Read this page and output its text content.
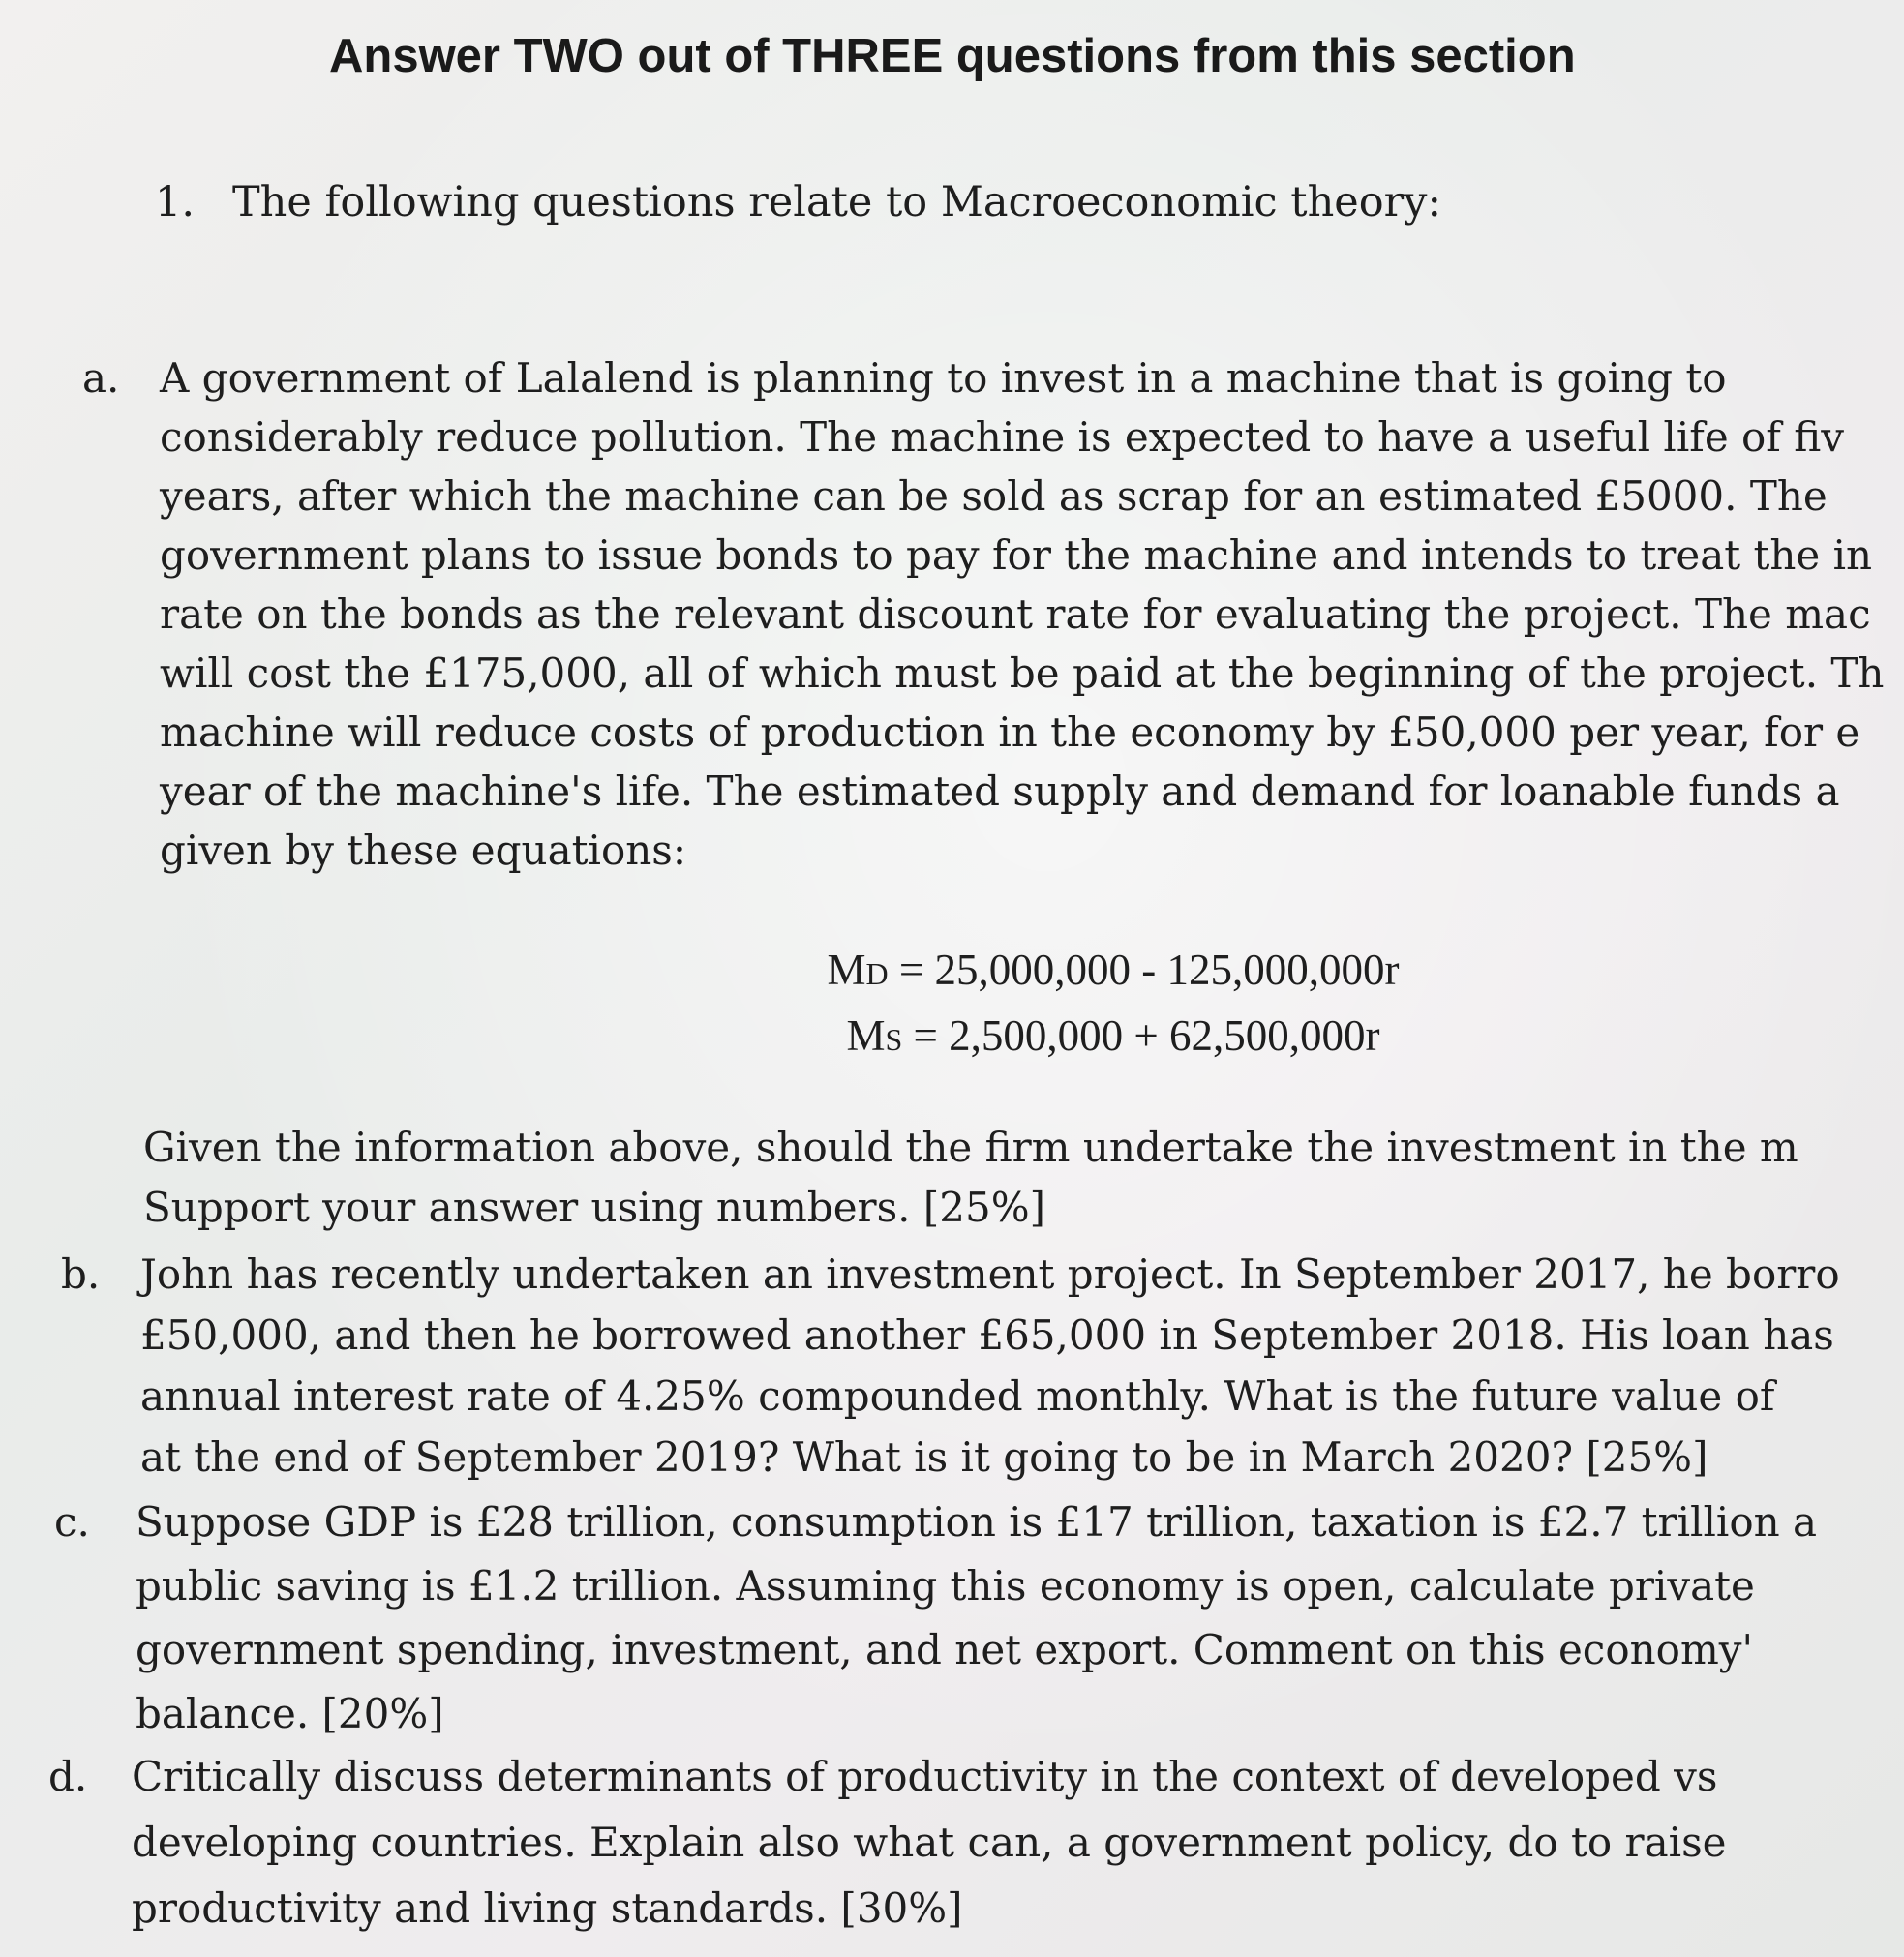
Answer TWO out of THREE questions from this section
1. The following questions relate to Macroeconomic theory:
a. A government of Lalalend is planning to invest in a machine that is going to
considerably reduce pollution. The machine is expected to have a useful life of fiv
years, after which the machine can be sold as scrap for an estimated £5000. The
government plans to issue bonds to pay for the machine and intends to treat the in
rate on the bonds as the relevant discount rate for evaluating the project. The mac
will cost the £175,000, all of which must be paid at the beginning of the project. Th
machine will reduce costs of production in the economy by £50,000 per year, for e
year of the machine's life. The estimated supply and demand for loanable funds a
given by these equations:
MD = 25,000,000 - 125,000,000r
MS = 2,500,000 + 62,500,000r
Given the information above, should the firm undertake the investment in the m
Support your answer using numbers. [25%]
b. John has recently undertaken an investment project. In September 2017, he borro
£50,000, and then he borrowed another £65,000 in September 2018. His loan has
annual interest rate of 4.25% compounded monthly. What is the future value of
at the end of September 2019? What is it going to be in March 2020? [25%]
c. Suppose GDP is £28 trillion, consumption is £17 trillion, taxation is £2.7 trillion a
public saving is £1.2 trillion. Assuming this economy is open, calculate private
government spending, investment, and net export. Comment on this economy'
balance. [20%]
d. Critically discuss determinants of productivity in the context of developed vs
developing countries. Explain also what can, a government policy, do to raise
productivity and living standards. [30%]
